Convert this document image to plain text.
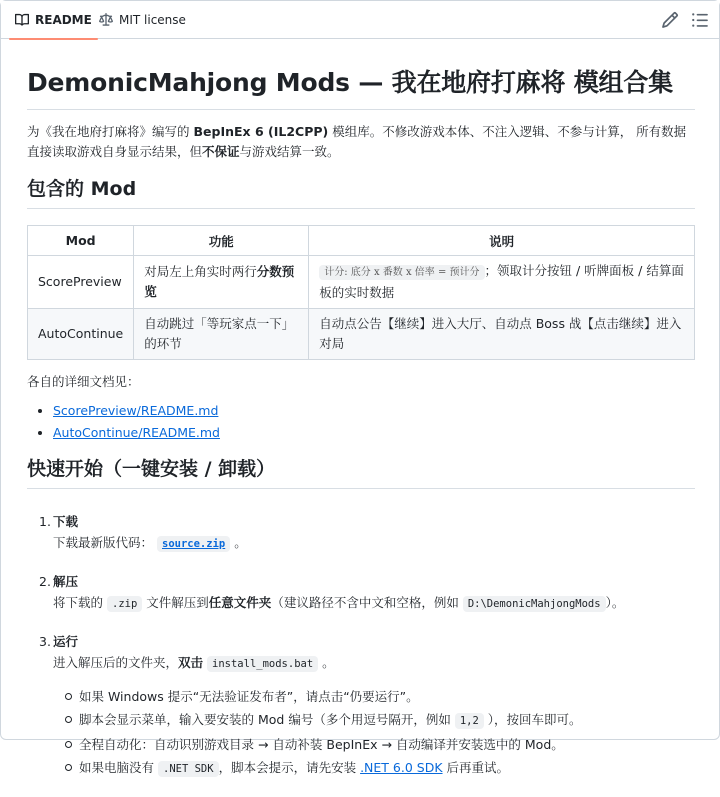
README MIT license
DemonicMahjong Mods — 我在地府打麻将 模组合集

为《我在地府打麻将》编写的 BepInEx 6 (IL2CPP) 模组库。不修改游戏本体、不注入逻辑、不参与计算， 所有数据直接读取游戏自身显示结果，但不保证与游戏结算一致。

包含的 Mod
Mod	功能	说明
ScorePreview	对局左上角实时两行分数预览	计分: 底分 x 番数 x 倍率 = 预计分 ；领取计分按钮 / 听牌面板 / 结算面板的实时数据
AutoContinue	自动跳过「等玩家点一下」的环节	自动点公告【继续】进入大厅、自动点 Boss 战【点击继续】进入对局

各自的详细文档见：

• ScorePreview/README.md
• AutoContinue/README.md
快速开始（一键安装 / 卸载）
1. 下载
下载最新版代码： source.zip 。
2. 解压
将下载的 .zip 文件解压到任意文件夹（建议路径不含中文和空格，例如 D:\DemonicMahjongMods ）。
3. 运行
进入解压后的文件夹，双击 install_mods.bat 。
如果 Windows 提示“无法验证发布者”，请点击“仍要运行”。
脚本会显示菜单，输入要安装的 Mod 编号（多个用逗号隔开，例如 1,2 ），按回车即可。
全程自动化：自动识别游戏目录 → 自动补装 BepInEx → 自动编译并安装选中的 Mod。
如果电脑没有 .NET SDK ，脚本会提示，请先安装 .NET 6.0 SDK 后再重试。
